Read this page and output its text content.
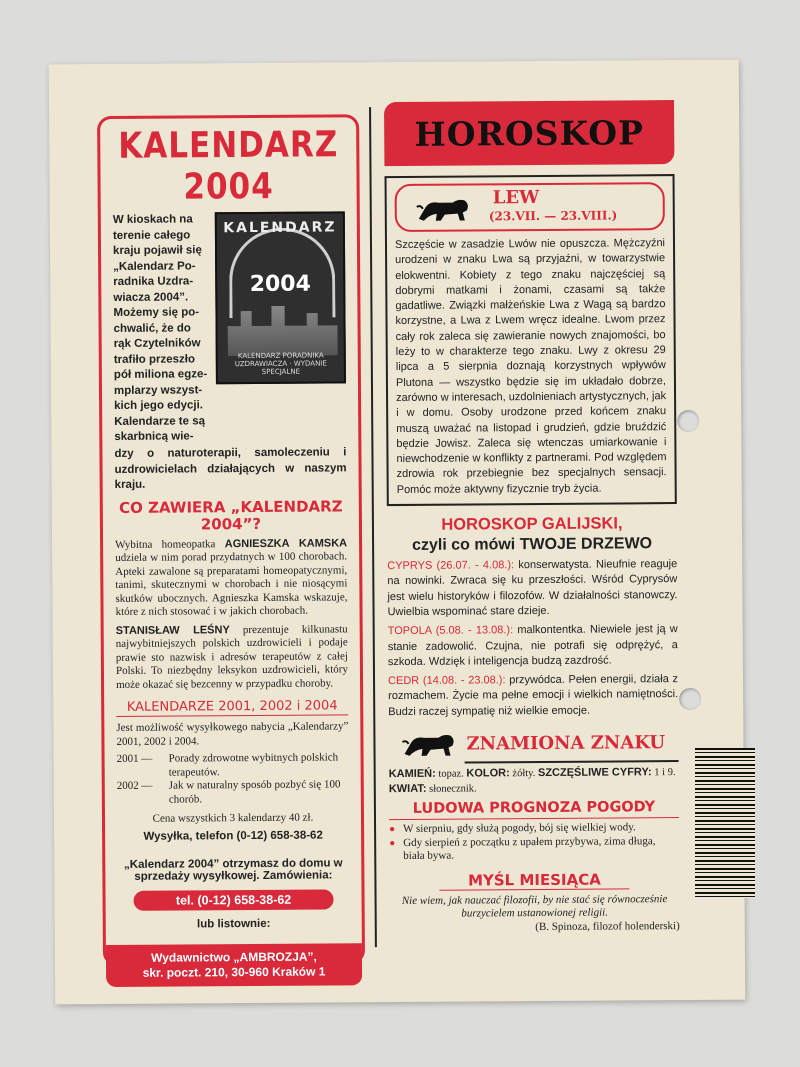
KALENDARZ 2004
KALENDARZ
2004
KALENDARZ PORADNIKA UZDRAWIACZA · WYDANIE SPECJALNE
W kioskach na
terenie całego
kraju pojawił się
„Kalendarz Po-
radnika Uzdra-
wiacza 2004”.
Możemy się po-
chwalić, że do
rąk Czytelników
trafiło przeszło
pół miliona egze-
mplarzy wszyst-
kich jego edycji.
Kalendarze te są
skarbnicą wie-
dzy o naturoterapii, samoleczeniu i uzdrowicielach działających w naszym kraju.
CO ZAWIERA „KALENDARZ 2004”?
Wybitna homeopatka AGNIESZKA KAMSKA udziela w nim porad przydatnych w 100 chorobach. Apteki zawalone są preparatami homeopatycznymi, tanimi, skutecznymi w chorobach i nie niosącymi skutków ubocznych. Agnieszka Kamska wskazuje, które z nich stosować i w jakich chorobach.
STANISŁAW LEŚNY prezentuje kilkunastu najwybitniejszych polskich uzdrowicieli i podaje prawie sto nazwisk i adresów terapeutów z całej Polski. To niezbędny leksykon uzdrowicieli, który może okazać się bezcenny w przypadku choroby.
KALENDARZE 2001, 2002 i 2004
Jest możliwość wysyłkowego nabycia „Kalendarzy” 2001, 2002 i 2004.
2001 —	Porady zdrowotne wybitnych polskich terapeutów.
2002 —	Jak w naturalny sposób pozbyć się 100 chorób.
Cena wszystkich 3 kalendarzy 40 zł.
Wysyłka, telefon (0-12) 658-38-62
„Kalendarz 2004” otrzymasz do domu w sprzedaży wysyłkowej. Zamówienia:
tel. (0-12) 658-38-62
lub listownie:
Wydawnictwo „AMBROZJA”,
skr. poczt. 210, 30-960 Kraków 1
HOROSKOP
LEW
(23.VII. — 23.VIII.)
Szczęście w zasadzie Lwów nie opuszcza. Mężczyźni urodzeni w znaku Lwa są przyjaźni, w towarzystwie elokwentni. Kobiety z tego znaku najczęściej są dobrymi matkami i żonami, czasami są także gadatliwe. Związki małżeńskie Lwa z Wagą są bardzo korzystne, a Lwa z Lwem wręcz idealne. Lwom przez cały rok zaleca się zawieranie nowych znajomości, bo leży to w charakterze tego znaku. Lwy z okresu 29 lipca a 5 sierpnia doznają korzystnych wpływów Plutona — wszystko będzie się im układało dobrze, zarówno w interesach, uzdolnieniach artystycznych, jak i w domu. Osoby urodzone przed końcem znaku muszą uważać na listopad i grudzień, gdzie bruździć będzie Jowisz. Zaleca się wtenczas umiarkowanie i niewchodzenie w konflikty z partnerami. Pod względem zdrowia rok przebiegnie bez specjalnych sensacji. Pomóc może aktywny fizycznie tryb życia.
HOROSKOP GALIJSKI,
czyli co mówi TWOJE DRZEWO
CYPRYS (26.07. - 4.08.): konserwatysta. Nieufnie reaguje na nowinki. Zwraca się ku przeszłości. Wśród Cyprysów jest wielu historyków i filozofów. W działalności stanowczy. Uwielbia wspominać stare dzieje.
TOPOLA (5.08. - 13.08.): malkontentka. Niewiele jest ją w stanie zadowolić. Czujna, nie potrafi się odprężyć, a szkoda. Wdzięk i inteligencja budzą zazdrość.
CEDR (14.08. - 23.08.): przywódca. Pełen energii, działa z rozmachem. Życie ma pełne emocji i wielkich namiętności. Budzi raczej sympatię niż wielkie emocje.
ZNAMIONA ZNAKU
KAMIEŃ: topaz. KOLOR: żółty. SZCZĘŚLIWE CYFRY: 1 i 9. KWIAT: słonecznik.
LUDOWA PROGNOZA POGODY
● W sierpniu, gdy służą pogody, bój się wielkiej wody.
● Gdy sierpień z początku z upałem przybywa, zima długa, biała bywa.
MYŚL MIESIĄCA
Nie wiem, jak nauczać filozofii, by nie stać się równocześnie burzycielem ustanowionej religii.
(B. Spinoza, filozof holenderski)
